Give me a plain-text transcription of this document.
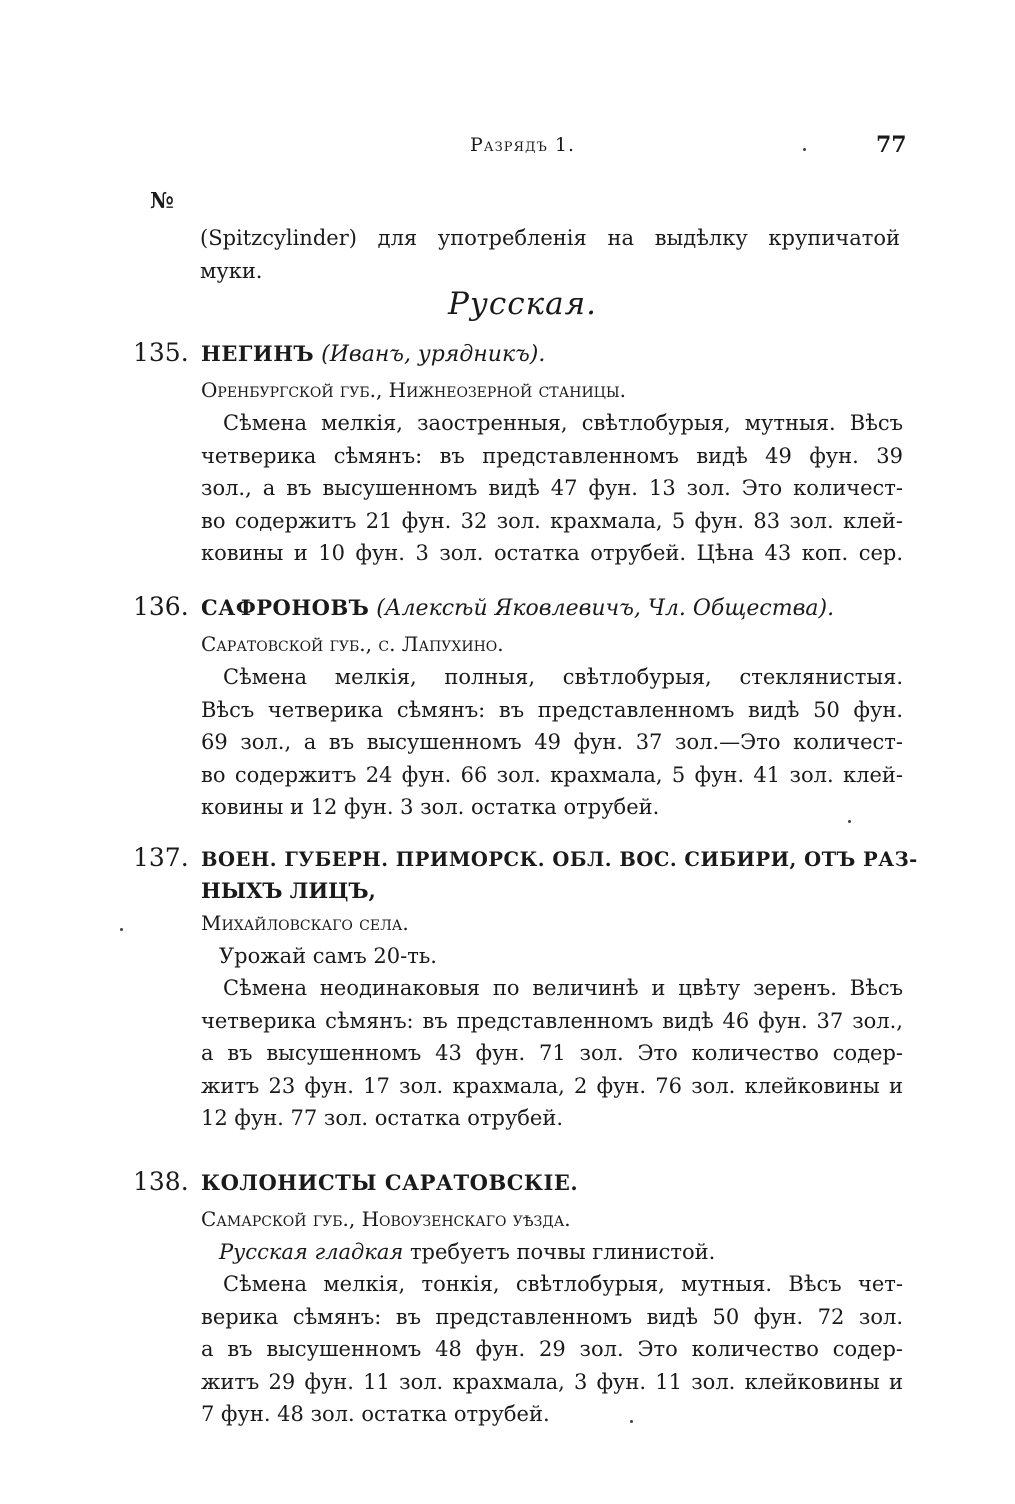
Разрядъ 1.	77
№
(Spitzcylinder) для употребленія на выдѣлку крупичатой
муки.
Русская.
135. НЕГИНЪ (Иванъ, урядникъ).
Оренбургской губ., Нижнеозерной станицы.
Сѣмена мелкія, заостренныя, свѣтлобурыя, мутныя. Вѣсъ
четверика сѣмянъ: въ представленномъ видѣ 49 фун. 39
зол., а въ высушенномъ видѣ 47 фун. 13 зол. Это количест-
во содержитъ 21 фун. 32 зол. крахмала, 5 фун. 83 зол. клей-
ковины и 10 фун. 3 зол. остатка отрубей. Цѣна 43 коп. сер.
136. САФРОНОВЪ (Алексѣй Яковлевичъ, Чл. Общества).
Саратовской губ., с. Лапухино.
Сѣмена мелкія, полныя, свѣтлобурыя, стеклянистыя.
Вѣсъ четверика сѣмянъ: въ представленномъ видѣ 50 фун.
69 зол., а въ высушенномъ 49 фун. 37 зол.—Это количест-
во содержитъ 24 фун. 66 зол. крахмала, 5 фун. 41 зол. клей-
ковины и 12 фун. 3 зол. остатка отрубей.
137. ВОЕН. ГУБЕРН. ПРИМОРСК. ОБЛ. ВОС. СИБИРИ, ОТЪ РАЗ-
НЫХЪ ЛИЦЪ,
Михайловскаго села.
Урожай самъ 20-ть.
Сѣмена неодинаковыя по величинѣ и цвѣту зеренъ. Вѣсъ
четверика сѣмянъ: въ представленномъ видѣ 46 фун. 37 зол.,
а въ высушенномъ 43 фун. 71 зол. Это количество содер-
житъ 23 фун. 17 зол. крахмала, 2 фун. 76 зол. клейковины и
12 фун. 77 зол. остатка отрубей.
138. КОЛОНИСТЫ САРАТОВСКІЕ.
Самарской губ., Новоузенскаго уѣзда.
Русская гладкая требуетъ почвы глинистой.
Сѣмена мелкія, тонкія, свѣтлобурыя, мутныя. Вѣсъ чет-
верика сѣмянъ: въ представленномъ видѣ 50 фун. 72 зол.
а въ высушенномъ 48 фун. 29 зол. Это количество содер-
житъ 29 фун. 11 зол. крахмала, 3 фун. 11 зол. клейковины и
7 фун. 48 зол. остатка отрубей.
